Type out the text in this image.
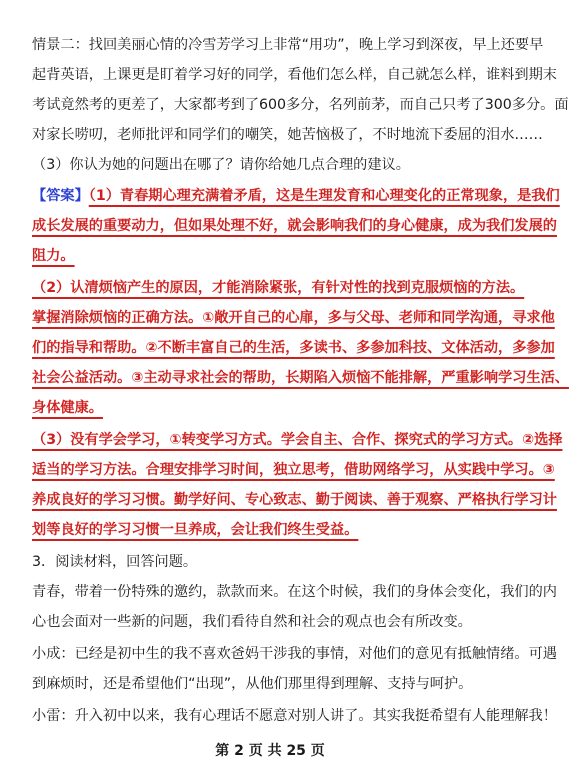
情景二：找回美丽心情的冷雪芳学习上非常“用功”，晚上学习到深夜，早上还要早
起背英语，上课更是盯着学习好的同学，看他们怎么样，自己就怎么样，谁料到期末
考试竟然考的更差了，大家都考到了600多分，名列前茅，而自己只考了300多分。面
对家长唠叨，老师批评和同学们的嘲笑，她苦恼极了，不时地流下委屈的泪水……
（3）你认为她的问题出在哪了？请你给她几点合理的建议。
【答案】（1）青春期心理充满着矛盾，这是生理发育和心理变化的正常现象，是我们
成长发展的重要动力，但如果处理不好，就会影响我们的身心健康，成为我们发展的
阻力。
（2）认清烦恼产生的原因，才能消除紧张，有针对性的找到克服烦恼的方法。
掌握消除烦恼的正确方法。①敞开自己的心扉，多与父母、老师和同学沟通，寻求他
们的指导和帮助。②不断丰富自己的生活，多读书、多参加科技、文体活动，多参加
社会公益活动。③主动寻求社会的帮助，长期陷入烦恼不能排解，严重影响学习生活、
身体健康。
（3）没有学会学习，①转变学习方式。学会自主、合作、探究式的学习方式。②选择
适当的学习方法。合理安排学习时间，独立思考，借助网络学习，从实践中学习。③
养成良好的学习习惯。勤学好问、专心致志、勤于阅读、善于观察、严格执行学习计
划等良好的学习习惯一旦养成，会让我们终生受益。
3．阅读材料，回答问题。
青春，带着一份特殊的邀约，款款而来。在这个时候，我们的身体会变化，我们的内
心也会面对一些新的问题，我们看待自然和社会的观点也会有所改变。
小成：已经是初中生的我不喜欢爸妈干涉我的事情，对他们的意见有抵触情绪。可遇
到麻烦时，还是希望他们“出现”，从他们那里得到理解、支持与呵护。
小雷：升入初中以来，我有心理话不愿意对别人讲了。其实我挺希望有人能理解我！
第 2 页 共 25 页
